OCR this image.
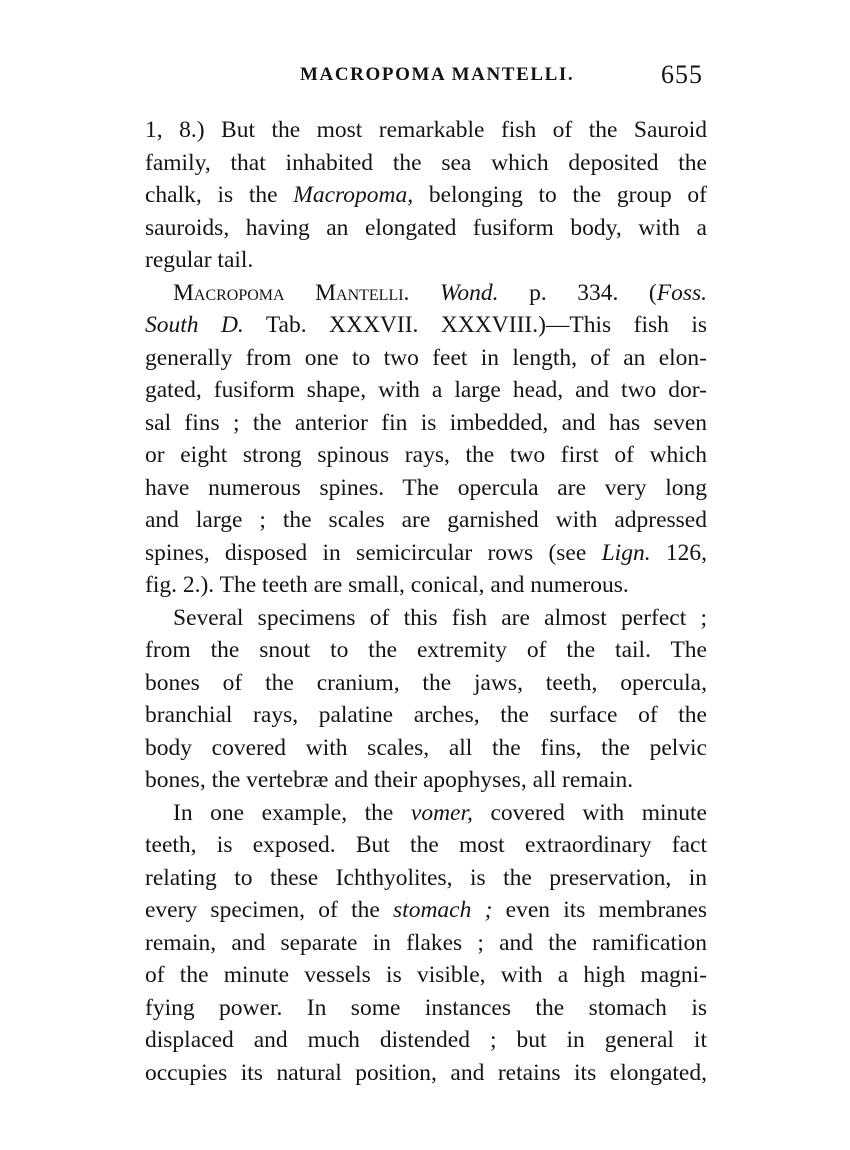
MACROPOMA MANTELLI.	655
1, 8.) But the most remarkable fish of the Sauroid
family, that inhabited the sea which deposited the
chalk, is the Macropoma, belonging to the group of
sauroids, having an elongated fusiform body, with a
regular tail.
Macropoma Mantelli. Wond. p. 334. (Foss.
South D. Tab. XXXVII. XXXVIII.)—This fish is
generally from one to two feet in length, of an elon-
gated, fusiform shape, with a large head, and two dor-
sal fins ; the anterior fin is imbedded, and has seven
or eight strong spinous rays, the two first of which
have numerous spines. The opercula are very long
and large ; the scales are garnished with adpressed
spines, disposed in semicircular rows (see Lign. 126,
fig. 2.). The teeth are small, conical, and numerous.
Several specimens of this fish are almost perfect ;
from the snout to the extremity of the tail. The
bones of the cranium, the jaws, teeth, opercula,
branchial rays, palatine arches, the surface of the
body covered with scales, all the fins, the pelvic
bones, the vertebræ and their apophyses, all remain.
In one example, the vomer, covered with minute
teeth, is exposed. But the most extraordinary fact
relating to these Ichthyolites, is the preservation, in
every specimen, of the stomach ; even its membranes
remain, and separate in flakes ; and the ramification
of the minute vessels is visible, with a high magni-
fying power. In some instances the stomach is
displaced and much distended ; but in general it
occupies its natural position, and retains its elongated,
